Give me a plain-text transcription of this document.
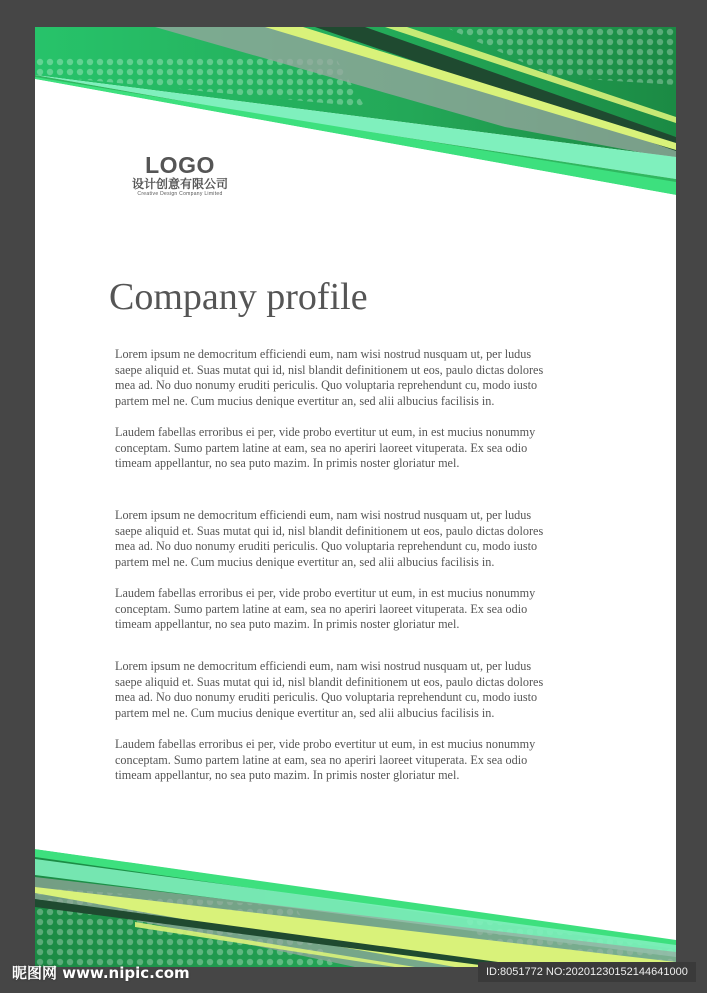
LOGO
设计创意有限公司
Creative Design Company Limited
Company profile

Lorem ipsum ne democritum efficiendi eum, nam wisi nostrud nusquam ut, per ludus
saepe aliquid et. Suas mutat qui id, nisl blandit definitionem ut eos, paulo dictas dolores
mea ad. No duo nonumy eruditi periculis. Quo voluptaria reprehendunt cu, modo iusto
partem mel ne. Cum mucius denique evertitur an, sed alii albucius facilisis in.

Laudem fabellas erroribus ei per, vide probo evertitur ut eum, in est mucius nonummy
conceptam. Sumo partem latine at eam, sea no aperiri laoreet vituperata. Ex sea odio
timeam appellantur, no sea puto mazim. In primis noster gloriatur mel.

Lorem ipsum ne democritum efficiendi eum, nam wisi nostrud nusquam ut, per ludus
saepe aliquid et. Suas mutat qui id, nisl blandit definitionem ut eos, paulo dictas dolores
mea ad. No duo nonumy eruditi periculis. Quo voluptaria reprehendunt cu, modo iusto
partem mel ne. Cum mucius denique evertitur an, sed alii albucius facilisis in.

Laudem fabellas erroribus ei per, vide probo evertitur ut eum, in est mucius nonummy
conceptam. Sumo partem latine at eam, sea no aperiri laoreet vituperata. Ex sea odio
timeam appellantur, no sea puto mazim. In primis noster gloriatur mel.

Lorem ipsum ne democritum efficiendi eum, nam wisi nostrud nusquam ut, per ludus
saepe aliquid et. Suas mutat qui id, nisl blandit definitionem ut eos, paulo dictas dolores
mea ad. No duo nonumy eruditi periculis. Quo voluptaria reprehendunt cu, modo iusto
partem mel ne. Cum mucius denique evertitur an, sed alii albucius facilisis in.

Laudem fabellas erroribus ei per, vide probo evertitur ut eum, in est mucius nonummy
conceptam. Sumo partem latine at eam, sea no aperiri laoreet vituperata. Ex sea odio
timeam appellantur, no sea puto mazim. In primis noster gloriatur mel.

昵图网 www.nipic.com	ID:8051772 NO:20201230152144641000
